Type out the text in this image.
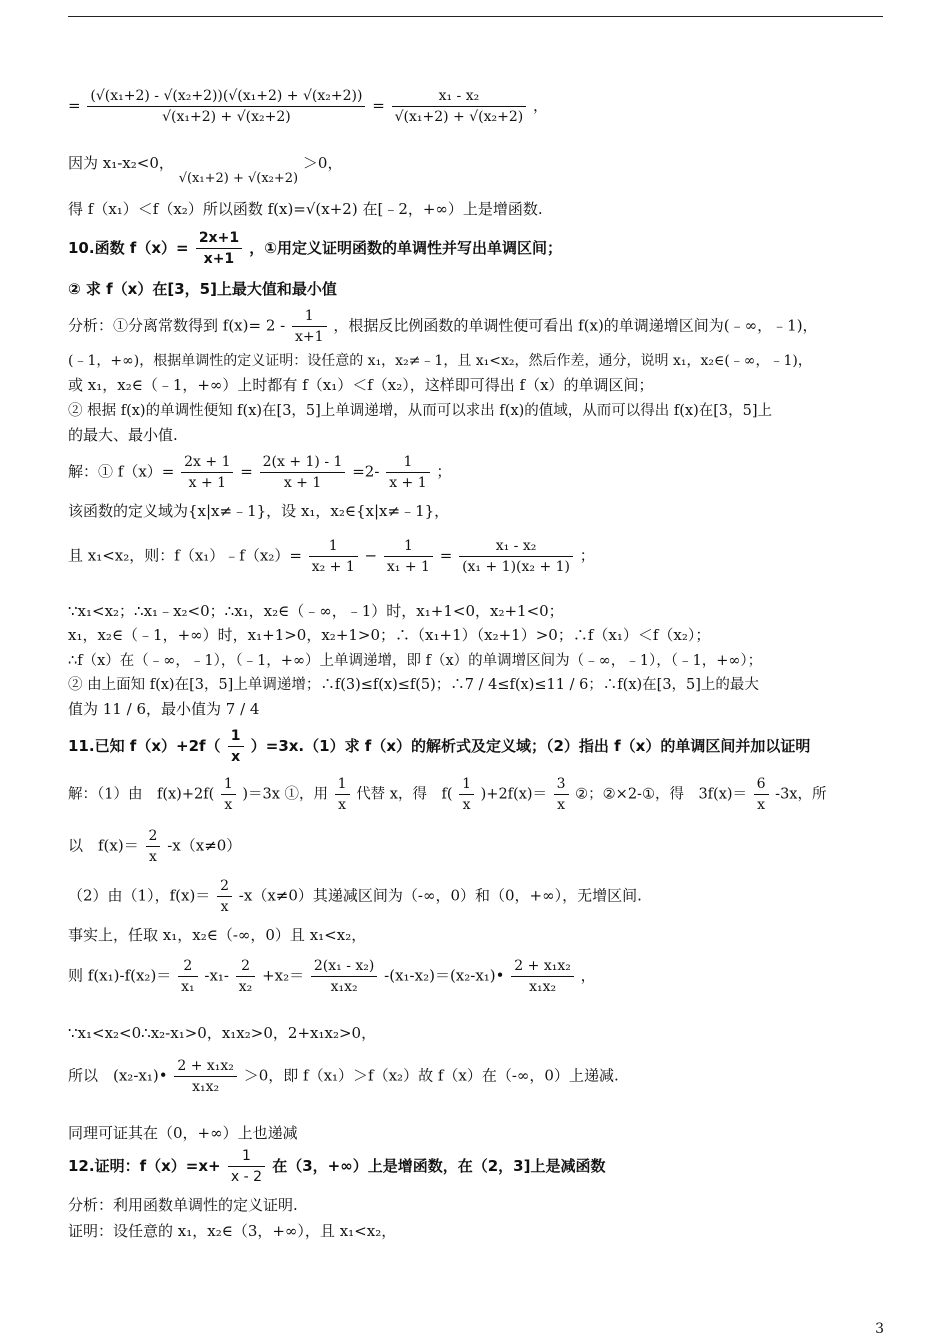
= $\frac{\text{(√(x₁+2) - √(x₂+2))(√(x₁+2) + √(x₂+2))}}{\text{√(x₁+2) + √(x₂+2)}} = \frac{\text{x₁ - x₂}}{\text{√(x₁+2) + √(x₂+2)}}$ ，
因为 x₁-x₂<0， √(x₁+2) + √(x₂+2) ＞0，
得 f（x₁）＜f（x₂）所以函数 f(x)=√(x+2) 在[﹣2，+∞）上是增函数.
10.函数 $f(x)= \frac{2x+1}{x+1}$ ，①用定义证明函数的单调性并写出单调区间；
② 求 f（x）在[3，5]上最大值和最小值
分析：①分离常数得到 $f(x)= 2 - \frac{1}{x+1}$ ，根据反比例函数的单调性便可看出 f(x)的单调递增区间为(﹣∞，﹣1)，
(﹣1，+∞)，根据单调性的定义证明：设任意的 x₁，x₂≠﹣1，且 x₁<x₂，然后作差，通分，说明 x₁，x₂∈(﹣∞，﹣1)，
或 x₁，x₂∈（﹣1，+∞）上时都有 f（x₁）＜f（x₂），这样即可得出 f（x）的单调区间；
② 根据 f(x)的单调性便知 f(x)在[3，5]上单调递增，从而可以求出 f(x)的值域，从而可以得出 f(x)在[3，5]上
的最大、最小值.
解：① $f(x)= \frac{2x + 1}{x + 1} = \frac{2(x + 1) - 1}{x + 1} =2- \frac{1}{x + 1}$ ；
该函数的定义域为{x|x≠﹣1}，设 x₁，x₂∈{x|x≠﹣1}，
且 x₁<x₂，则：f（x₁）﹣f（x₂）= $\frac{1}{\text{x₂ + 1}} - \frac{1}{\text{x₁ + 1}} = \frac{\text{x₁ - x₂}}{\text{(x₁ + 1)(x₂ + 1)}}$ ；
∵x₁<x₂；∴x₁﹣x₂<0；∴x₁，x₂∈（﹣∞，﹣1）时，x₁+1<0，x₂+1<0；
x₁，x₂∈（﹣1，+∞）时，x₁+1>0，x₂+1>0；∴（x₁+1）（x₂+1）>0；∴f（x₁）＜f（x₂）；
∴f（x）在（﹣∞，﹣1），（﹣1，+∞）上单调递增，即 f（x）的单调增区间为（﹣∞，﹣1），（﹣1，+∞）；
② 由上面知 f(x)在[3，5]上单调递增；∴f(3)≤f(x)≤f(5)；∴7 / 4≤f(x)≤11 / 6；∴f(x)在[3，5]上的最大
值为 11 / 6，最小值为 7 / 4
11.已知 $f(x)+2f( \frac{1}{x} )=3x.(1)$求 f（x）的解析式及定义域；（2）指出 f（x）的单调区间并加以证明
解：（1）由　$f(x)+2f( \frac{1}{x} )=3x$ ①，用 $\frac{1}{x}$ 代替 x，得　$f( \frac{1}{x} )+2f(x)= \frac{3}{x}$ ②；②×2-①，得　$3f(x)= \frac{6}{x} -3x$，所
以　$f(x)= \frac{2}{x} -x(x\ne 0)$
（2）由（1），$f(x)= \frac{2}{x} -x(x\ne 0)$其递减区间为（-∞，0）和（0，+∞），无增区间.
事实上，任取 x₁，x₂∈（-∞，0）且 x₁<x₂，
则 $f(x_1)-f(x_2)= \frac{2}{\text{x₁}} -x_1- \frac{2}{\text{x₂}} +x_2= \frac{\text{2(x₁ - x₂)}}{\text{x₁x₂}}$ -(x₁-x₂)＝(x₂-x₁)• $\frac{\text{2 + x₁x₂}}{\text{x₁x₂}}$ ，
∵x₁<x₂<0∴x₂-x₁>0，x₁x₂>0，2+x₁x₂>0，
所以　(x₂-x₁)• $\frac{\text{2 + x₁x₂}}{\text{x₁x₂}} >0$，即 f（x₁）＞f（x₂）故 f（x）在（-∞，0）上递减.
同理可证其在（0，+∞）上也递减
12.证明：$f(x)=x+ \frac{1}{x - 2}$ 在（3，+∞）上是增函数，在（2，3]上是减函数
分析：利用函数单调性的定义证明.
证明：设任意的 x₁，x₂∈（3，+∞），且 x₁<x₂，
3
